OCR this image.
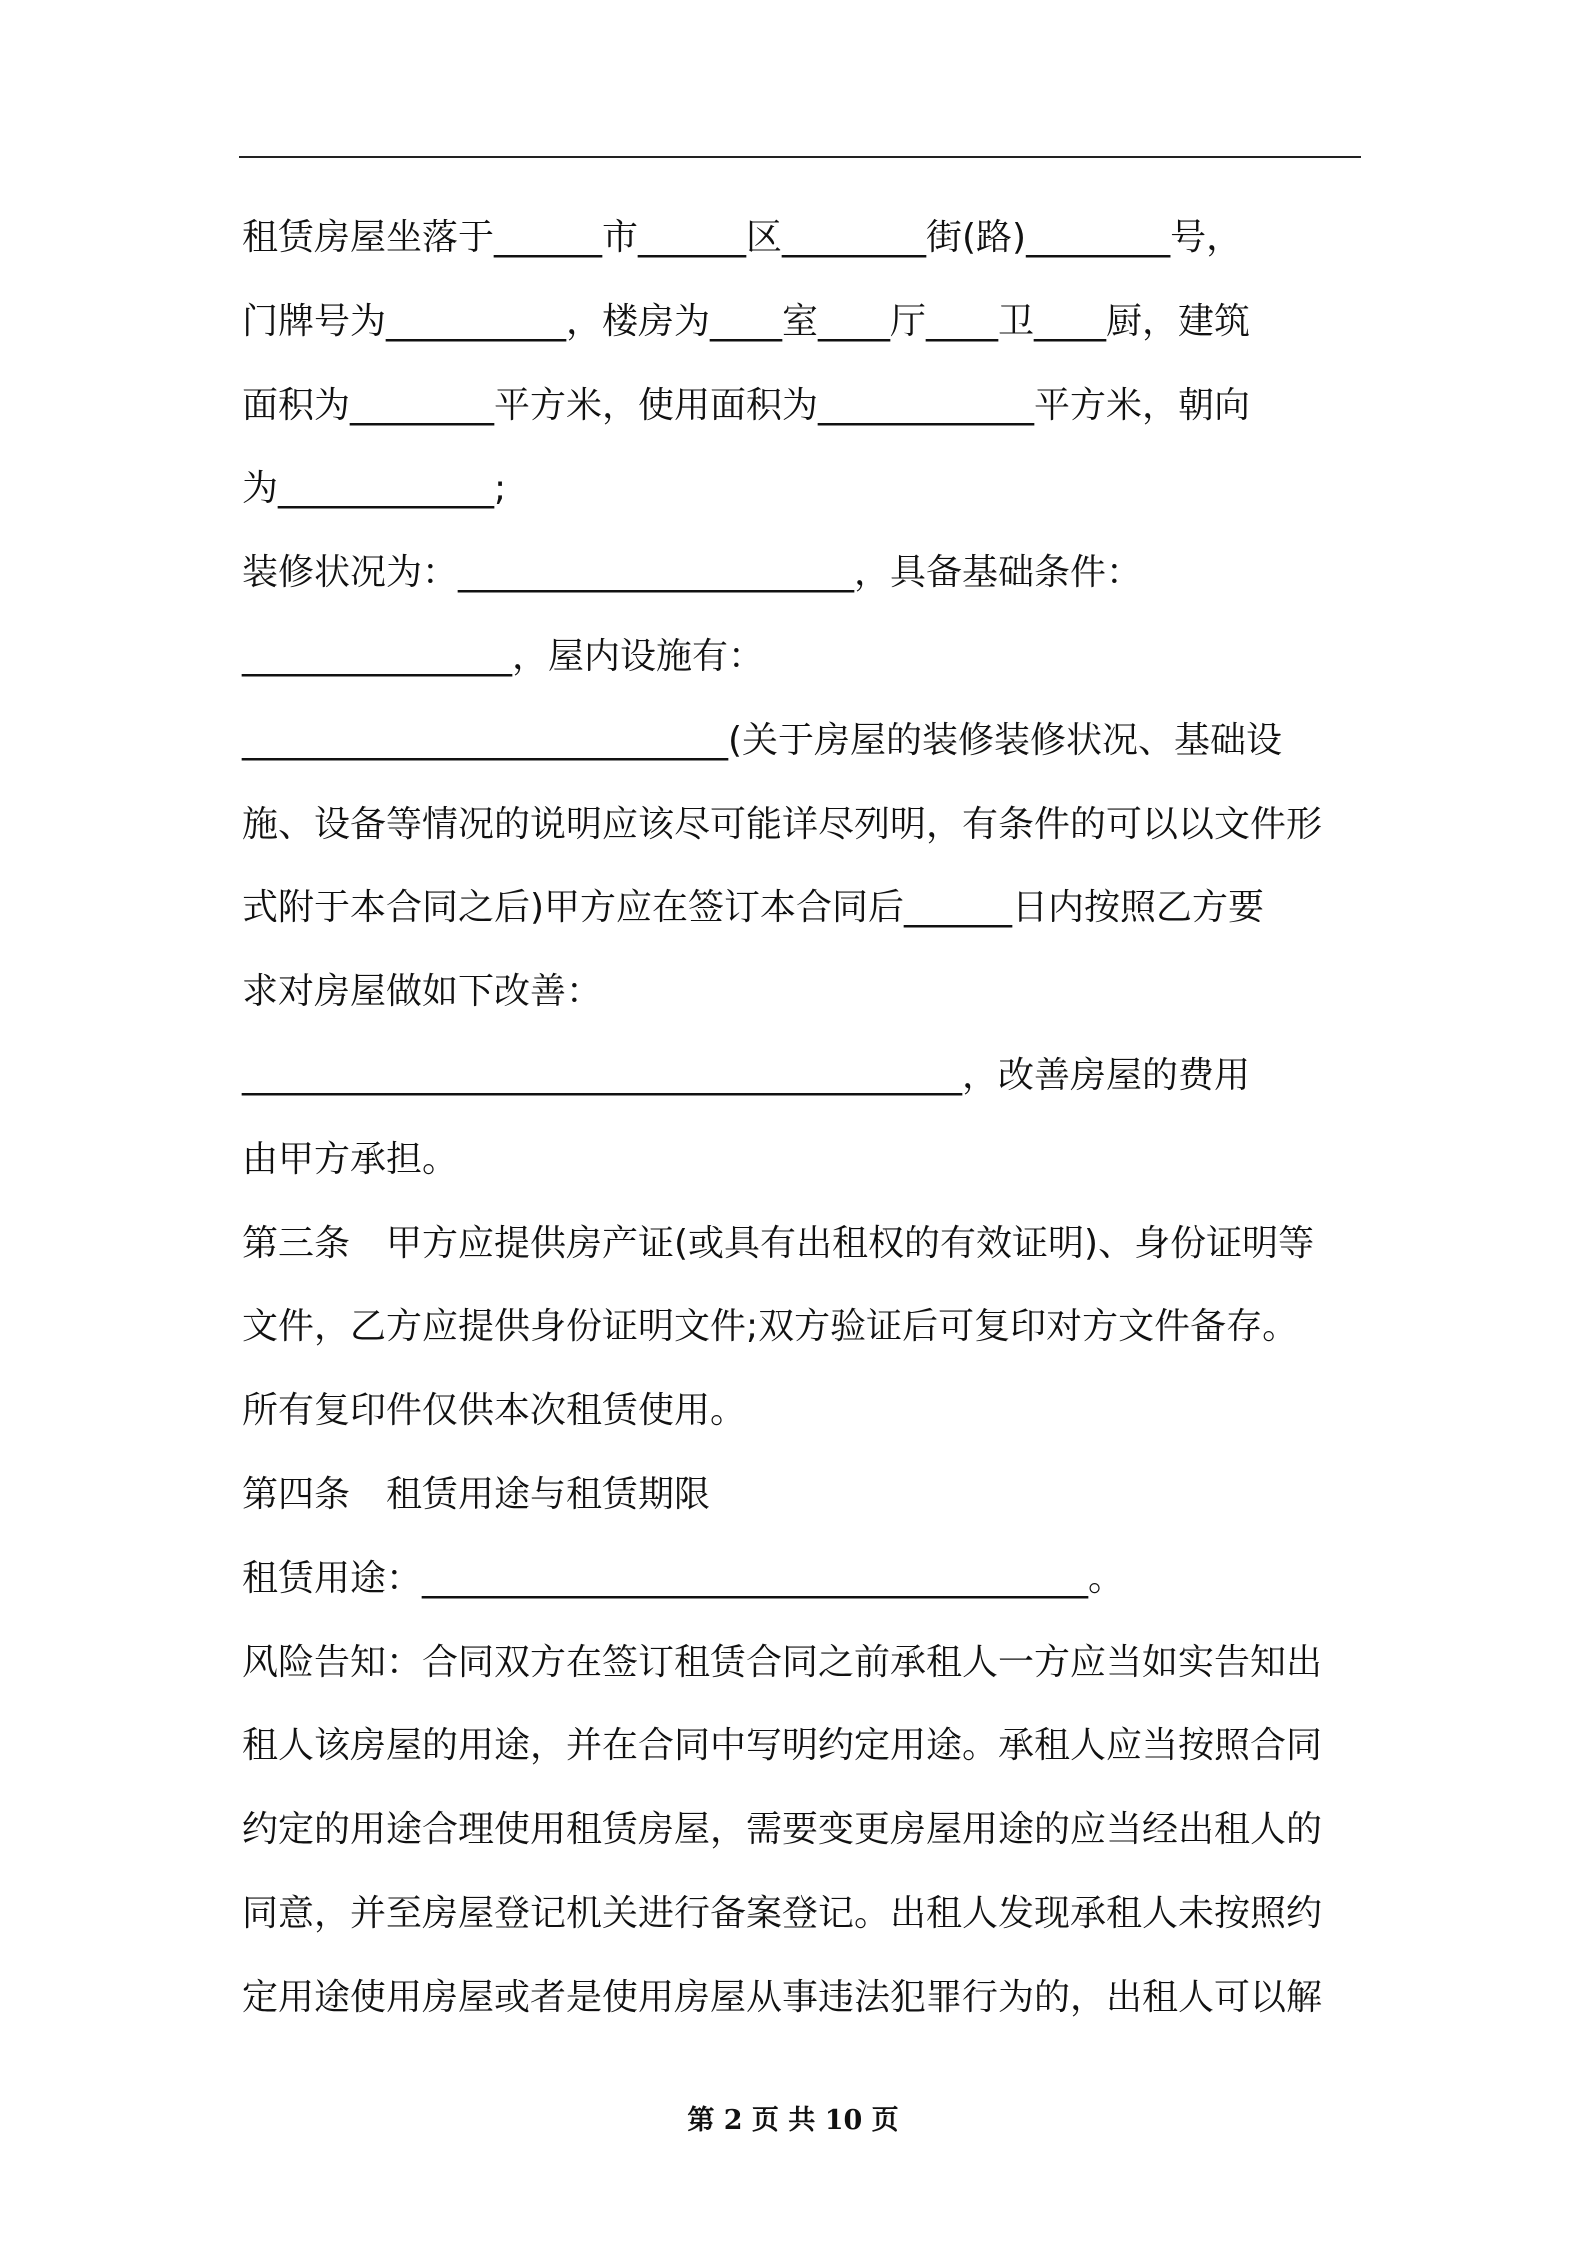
租赁房屋坐落于______市______区________街(路)________号，
门牌号为__________，楼房为____室____厅____卫____厨，建筑
面积为________平方米，使用面积为____________平方米，朝向
为____________;
装修状况为：______________________，具备基础条件：
_______________，屋内设施有：
___________________________(关于房屋的装修装修状况、基础设
施、设备等情况的说明应该尽可能详尽列明，有条件的可以以文件形
式附于本合同之后)甲方应在签订本合同后______日内按照乙方要
求对房屋做如下改善：
________________________________________，改善房屋的费用
由甲方承担。
第三条　甲方应提供房产证(或具有出租权的有效证明)、身份证明等
文件，乙方应提供身份证明文件;双方验证后可复印对方文件备存。
所有复印件仅供本次租赁使用。
第四条　租赁用途与租赁期限
租赁用途：_____________________________________。
风险告知：合同双方在签订租赁合同之前承租人一方应当如实告知出
租人该房屋的用途，并在合同中写明约定用途。承租人应当按照合同
约定的用途合理使用租赁房屋，需要变更房屋用途的应当经出租人的
同意，并至房屋登记机关进行备案登记。出租人发现承租人未按照约
定用途使用房屋或者是使用房屋从事违法犯罪行为的，出租人可以解
第 2 页 共 10 页
